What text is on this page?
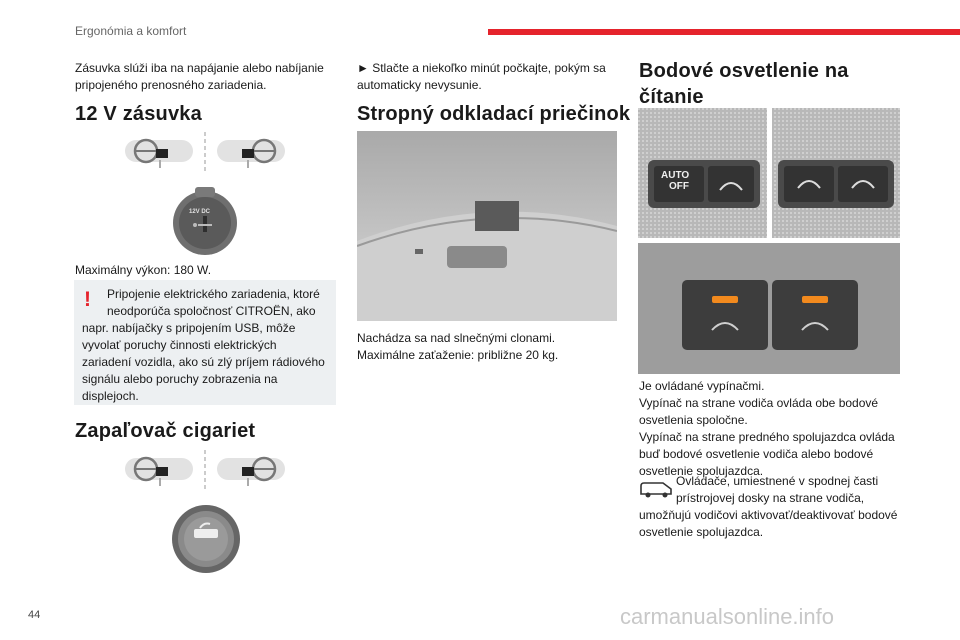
Ergonómia a komfort
Zásuvka slúži iba na napájanie alebo nabíjanie
pripojeného prenosného zariadenia.
12 V zásuvka
12V DC
Maximálny výkon: 180 W.
! Pripojenie elektrického zariadenia, ktoré
neodporúča spoločnosť CITROËN, ako
napr. nabíjačky s pripojením USB, môže
vyvolať poruchy činnosti elektrických
zariadení vozidla, ako sú zlý príjem rádiového
signálu alebo poruchy zobrazenia na
displejoch.
Zapaľovač cigariet
► Stlačte a niekoľko minút počkajte, pokým sa
automaticky nevysunie.
Stropný odkladací priečinok
Nachádza sa nad slnečnými clonami.
Maximálne zaťaženie: približne 20 kg.
Bodové osvetlenie na
čítanie
AUTO
OFF
Je ovládané vypínačmi.
Vypínač na strane vodiča ovláda obe bodové
osvetlenia spoločne.
Vypínač na strane predného spolujazdca ovláda
buď bodové osvetlenie vodiča alebo bodové
osvetlenie spolujazdca.
Ovládače, umiestnené v spodnej časti
prístrojovej dosky na strane vodiča,
umožňujú vodičovi aktivovať/deaktivovať bodové
osvetlenie spolujazdca.
44	carmanualsonline.info
